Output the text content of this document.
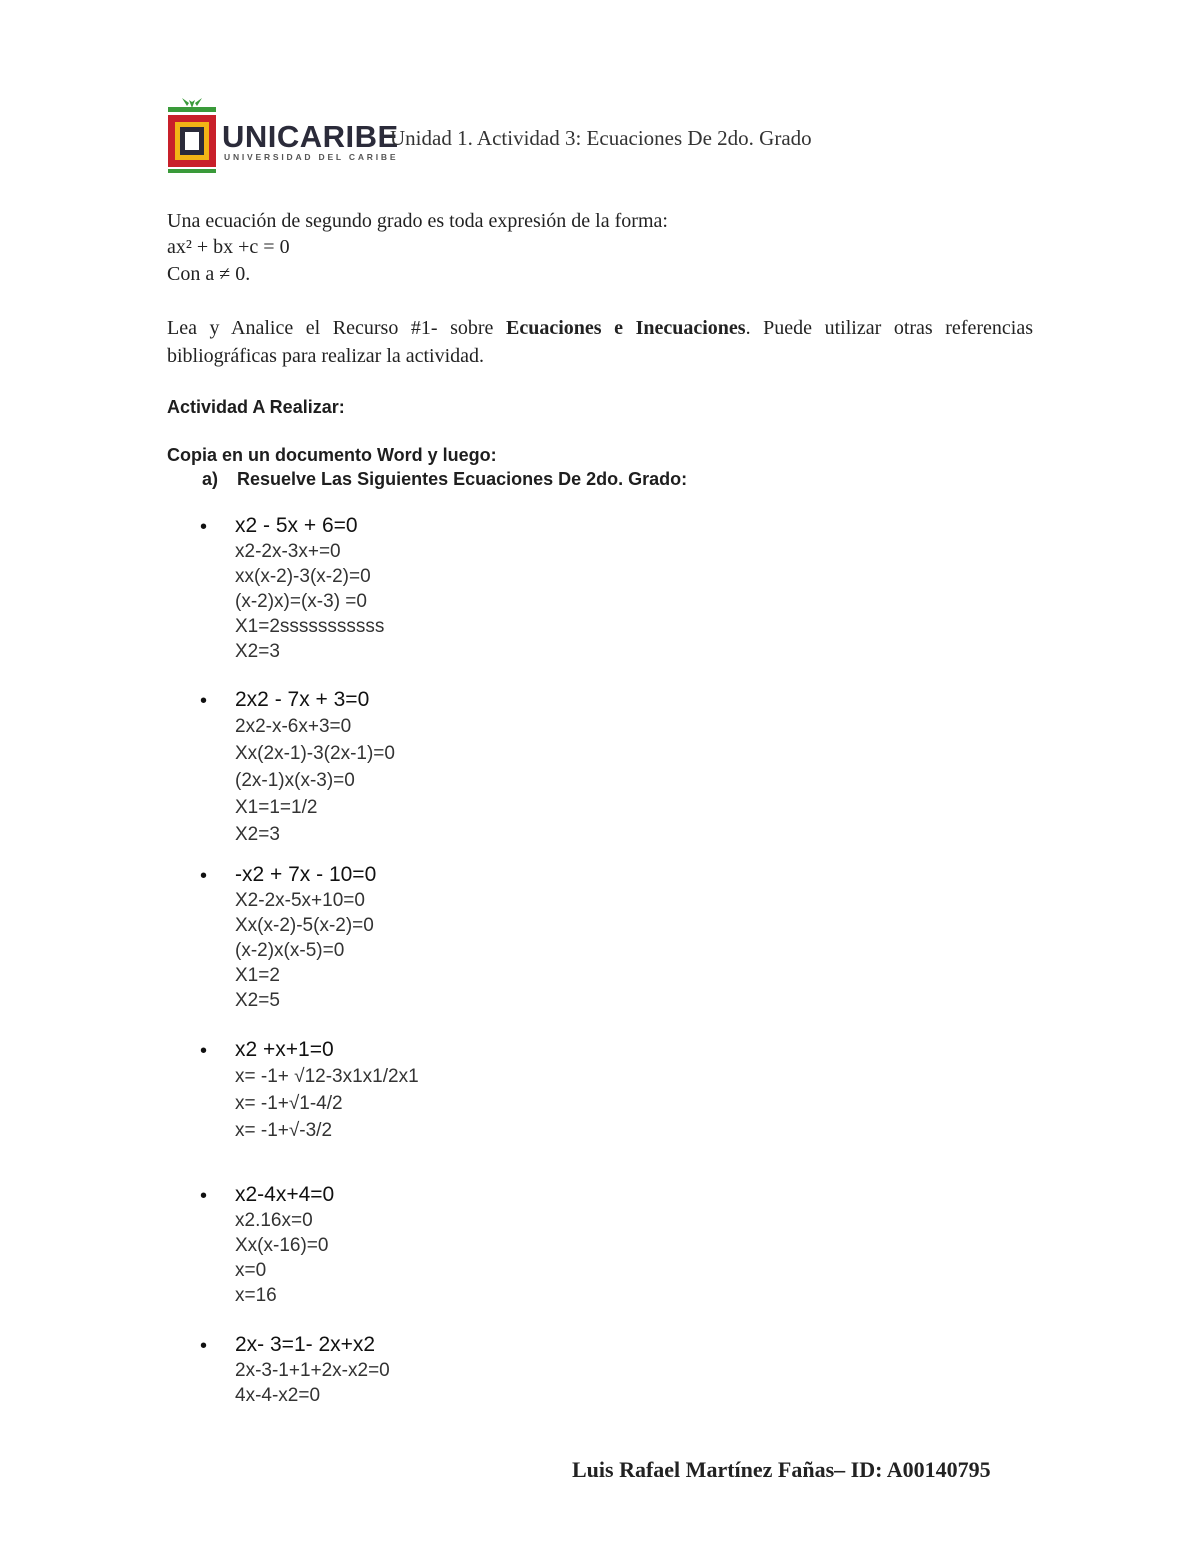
UNICARIBE
UNIVERSIDAD DEL CARIBE
Unidad 1. Actividad 3: Ecuaciones De 2do. Grado
Una ecuación de segundo grado es toda expresión de la forma:
ax² + bx +c = 0
Con a ≠ 0.
Lea y Analice el Recurso #1- sobre Ecuaciones e Inecuaciones. Puede utilizar otras referencias bibliográficas para realizar la actividad.
Actividad A Realizar:
Copia en un documento Word y luego:
a) Resuelve Las Siguientes Ecuaciones De 2do. Grado:
• x2 - 5x + 6=0
x2-2x-3x+=0
xx(x-2)-3(x-2)=0
(x-2)x)=(x-3) =0
X1=2sssssssssss
X2=3
• 2x2 - 7x + 3=0
2x2-x-6x+3=0
Xx(2x-1)-3(2x-1)=0
(2x-1)x(x-3)=0
X1=1=1/2
X2=3
• -x2 + 7x - 10=0
X2-2x-5x+10=0
Xx(x-2)-5(x-2)=0
(x-2)x(x-5)=0
X1=2
X2=5
• x2 +x+1=0
x= -1+ √12-3x1x1/2x1
x= -1+√1-4/2
x= -1+√-3/2
• x2-4x+4=0
x2.16x=0
Xx(x-16)=0
x=0
x=16
• 2x- 3=1- 2x+x2
2x-3-1+1+2x-x2=0
4x-4-x2=0
Luis Rafael Martínez Fañas– ID: A00140795
